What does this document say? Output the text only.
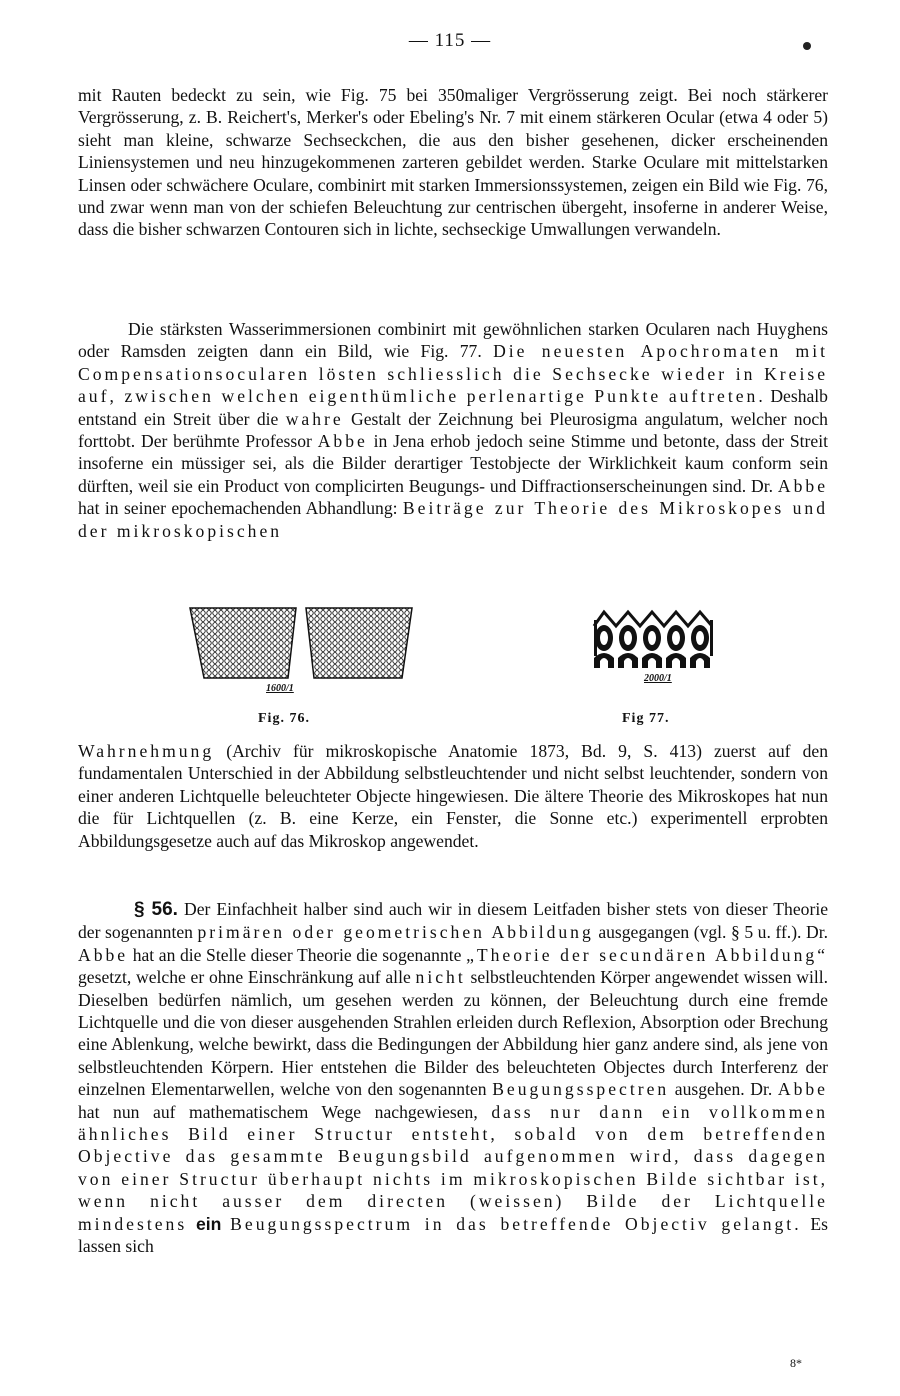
— 115 —

mit Rauten bedeckt zu sein, wie Fig. 75 bei 350maliger Vergrösserung zeigt. Bei noch stärkerer Vergrösserung, z. B. Reichert's, Merker's oder Ebeling's Nr. 7 mit einem stärkeren Ocular (etwa 4 oder 5) sieht man kleine, schwarze Sechseckchen, die aus den bisher gesehenen, dicker erscheinenden Liniensystemen und neu hinzugekommenen zarteren gebildet werden. Starke Oculare mit mittelstarken Linsen oder schwächere Oculare, combinirt mit starken Immersionssystemen, zeigen ein Bild wie Fig. 76, und zwar wenn man von der schiefen Beleuchtung zur centrischen übergeht, insoferne in anderer Weise, dass die bisher schwarzen Contouren sich in lichte, sechseckige Umwallungen verwandeln.

Die stärksten Wasserimmersionen combinirt mit gewöhnlichen starken Ocularen nach Huyghens oder Ramsden zeigten dann ein Bild, wie Fig. 77. Die neuesten Apochromaten mit Compensationsocularen lösten schliesslich die Sechsecke wieder in Kreise auf, zwischen welchen eigenthümliche perlenartige Punkte auftreten. Deshalb entstand ein Streit über die wahre Gestalt der Zeichnung bei Pleurosigma angulatum, welcher noch forttobt. Der berühmte Professor Abbe in Jena erhob jedoch seine Stimme und betonte, dass der Streit insoferne ein müssiger sei, als die Bilder derartiger Testobjecte der Wirklichkeit kaum conform sein dürften, weil sie ein Product von complicirten Beugungs- und Diffractionserscheinungen sind. Dr. Abbe hat in seiner epochemachenden Abhandlung: Beiträge zur Theorie des Mikroskopes und der mikroskopischen

1600/1
Fig. 76.
2000/1
Fig 77.

Wahrnehmung (Archiv für mikroskopische Anatomie 1873, Bd. 9, S. 413) zuerst auf den fundamentalen Unterschied in der Abbildung selbstleuchtender und nicht selbst leuchtender, sondern von einer anderen Lichtquelle beleuchteter Objecte hingewiesen. Die ältere Theorie des Mikroskopes hat nun die für Lichtquellen (z. B. eine Kerze, ein Fenster, die Sonne etc.) experimentell erprobten Abbildungsgesetze auch auf das Mikroskop angewendet.

§ 56. Der Einfachheit halber sind auch wir in diesem Leitfaden bisher stets von dieser Theorie der sogenannten primären oder geometrischen Abbildung ausgegangen (vgl. § 5 u. ff.). Dr. Abbe hat an die Stelle dieser Theorie die sogenannte „Theorie der secundären Abbildung“ gesetzt, welche er ohne Einschränkung auf alle nicht selbstleuchtenden Körper angewendet wissen will. Dieselben bedürfen nämlich, um gesehen werden zu können, der Beleuchtung durch eine fremde Lichtquelle und die von dieser ausgehenden Strahlen erleiden durch Reflexion, Absorption oder Brechung eine Ablenkung, welche bewirkt, dass die Bedingungen der Abbildung hier ganz andere sind, als jene von selbstleuchtenden Körpern. Hier entstehen die Bilder des beleuchteten Objectes durch Interferenz der einzelnen Elementarwellen, welche von den sogenannten Beugungsspectren ausgehen. Dr. Abbe hat nun auf mathematischem Wege nachgewiesen, dass nur dann ein vollkommen ähnliches Bild einer Structur entsteht, sobald von dem betreffenden Objective das gesammte Beugungsbild aufgenommen wird, dass dagegen von einer Structur überhaupt nichts im mikroskopischen Bilde sichtbar ist, wenn nicht ausser dem directen (weissen) Bilde der Lichtquelle mindestens ein Beugungsspectrum in das betreffende Objectiv gelangt. Es lassen sich

8*
